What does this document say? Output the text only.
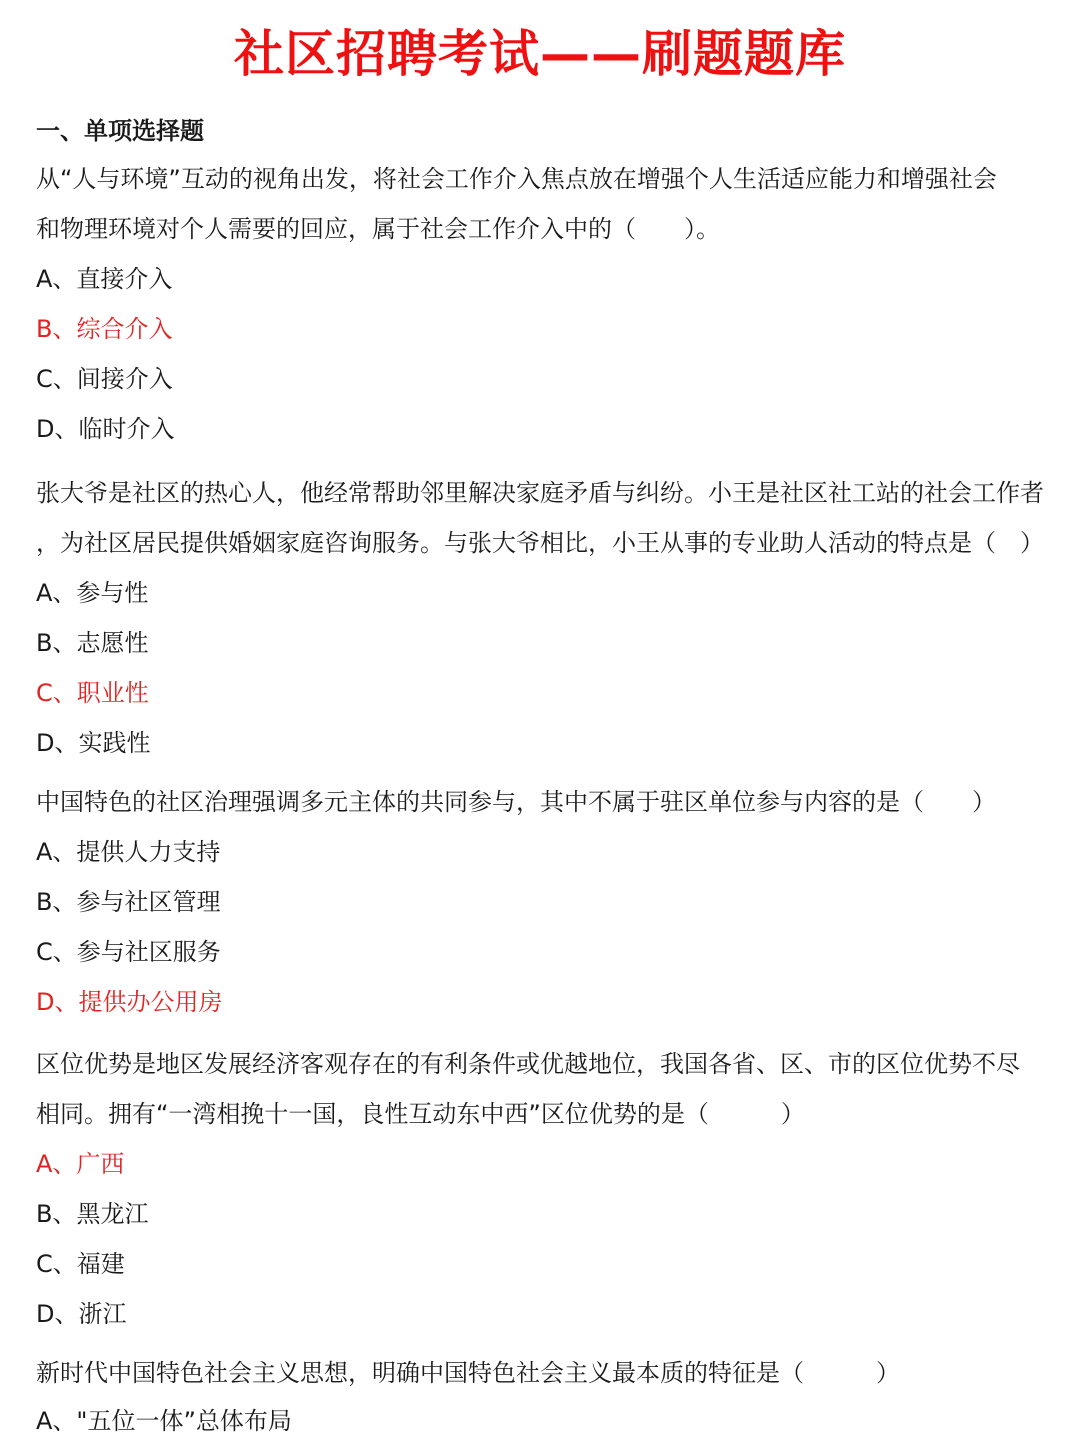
社区招聘考试——刷题题库
一、单项选择题
从“人与环境”互动的视角出发，将社会工作介入焦点放在增强个人生活适应能力和增强社会
和物理环境对个人需要的回应，属于社会工作介入中的（　　）。
A、直接介入
B、综合介入
C、间接介入
D、临时介入
张大爷是社区的热心人，他经常帮助邻里解决家庭矛盾与纠纷。小王是社区社工站的社会工作者
，为社区居民提供婚姻家庭咨询服务。与张大爷相比，小王从事的专业助人活动的特点是（　）
A、参与性
B、志愿性
C、职业性
D、实践性
中国特色的社区治理强调多元主体的共同参与，其中不属于驻区单位参与内容的是（　　）
A、提供人力支持
B、参与社区管理
C、参与社区服务
D、提供办公用房
区位优势是地区发展经济客观存在的有利条件或优越地位，我国各省、区、市的区位优势不尽
相同。拥有“一湾相挽十一国，良性互动东中西”区位优势的是（　　　）
A、广西
B、黑龙江
C、福建
D、浙江
新时代中国特色社会主义思想，明确中国特色社会主义最本质的特征是（　　　）
A、"五位一体”总体布局
